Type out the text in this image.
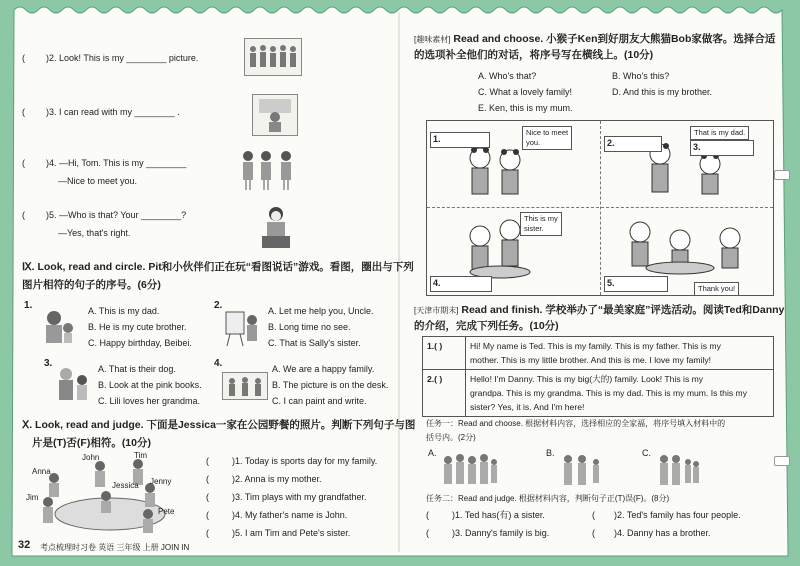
( )2. Look! This is my ________ picture.
( )3. I can read with my ________ .
( )4. —Hi, Tom. This is my ________
—Nice to meet you.
( )5. —Who is that? Your ________?
—Yes, that's right.
Ⅸ. Look, read and circle. Pit和小伙伴们正在玩“看图说话”游戏。看图，圈出与下列
图片相符的句子的序号。(6分)
1.	A. This is my dad.
B. He is my cute brother.
C. Happy birthday, Beibei.
2.	A. Let me help you, Uncle.
B. Long time no see.
C. That is Sally's sister.
3.	A. That is their dog.
B. Look at the pink books.
C. Lili loves her grandma.
4.	A. We are a happy family.
B. The picture is on the desk.
C. I can paint and write.
Ⅹ. Look, read and judge. 下面是Jessica一家在公园野餐的照片。判断下列句子与图
片是(T)否(F)相符。(10分)
John	Tim
Anna
Jim
Jessica
Pete
Jenny
(	)1. Today is sports day for my family.
(	)2. Anna is my mother.
(	)3. Tim plays with my grandfather.
(	)4. My father's name is John.
(	)5. I am Tim and Pete's sister.
32 考点梳理时习卷 英语 三年级 上册 JOIN IN
[趣味素材] Read and choose. 小猴子Ken到好朋友大熊猫Bob家做客。选择合适
的选项补全他们的对话，将序号写在横线上。(10分)
A. Who's that?	B. Who's this?
C. What a lovely family!	D. And this is my brother.
E. Ken, this is my mum.
Nice to meet
you.
That is my dad.
This is my
sister.
Thank you!
1.	2.	3.
4.	5.
[天津市期末] Read and finish. 学校举办了“最美家庭”评选活动。阅读Ted和Danny
的介绍，完成下列任务。(10分)
1.( )	Hi! My name is Ted. This is my family. This is my father. This is my
mother. This is my little brother. And this is me. I love my family!
2.( )	Hello! I'm Danny. This is my big(大的) family. Look! This is my
grandpa. This is my grandma. This is my dad. This is my mum. Is this my
sister? Yes, it is. And I'm here!
任务一：Read and choose. 根据材料内容，选择相应的全家福，将序号填入材料中的
括号内。(2分)
A.	B.	C.
任务二：Read and judge. 根据材料内容，判断句子正(T)误(F)。(8分)
(	)1. Ted has(有) a sister.	( )2. Ted's family has four people.
(	)3. Danny's family is big.	( )4. Danny has a brother.
